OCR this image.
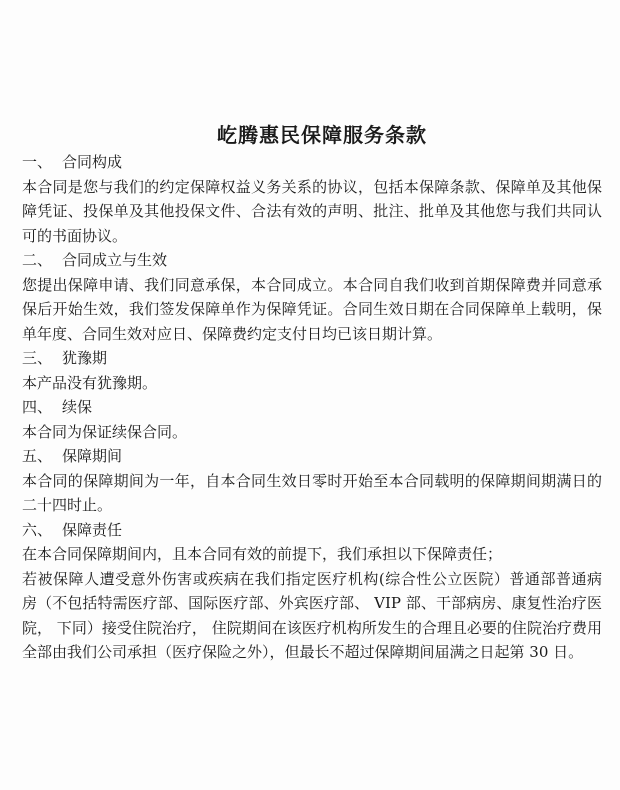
屹腾惠民保障服务条款
一、 合同构成

本合同是您与我们的约定保障权益义务关系的协议，包括本保障条款、保障单及其他保障凭证、投保单及其他投保文件、合法有效的声明、批注、批单及其他您与我们共同认可的书面协议。

二、 合同成立与生效

您提出保障申请、我们同意承保，本合同成立。本合同自我们收到首期保障费并同意承保后开始生效，我们签发保障单作为保障凭证。合同生效日期在合同保障单上载明，保单年度、合同生效对应日、保障费约定支付日均已该日期计算。

三、 犹豫期

本产品没有犹豫期。

四、 续保

本合同为保证续保合同。

五、 保障期间

本合同的保障期间为一年，自本合同生效日零时开始至本合同载明的保障期间期满日的二十四时止。

六、 保障责任

在本合同保障期间内，且本合同有效的前提下，我们承担以下保障责任；

若被保障人遭受意外伤害或疾病在我们指定医疗机构(综合性公立医院）普通部普通病 房（不包括特需医疗部、国际医疗部、外宾医疗部、 VIP 部、干部病房、康复性治疗医 院， 下同）接受住院治疗， 住院期间在该医疗机构所发生的合理且必要的住院治疗费用全部由我们公司承担（医疗保险之外），但最长不超过保障期间届满之日起第 30 日。
